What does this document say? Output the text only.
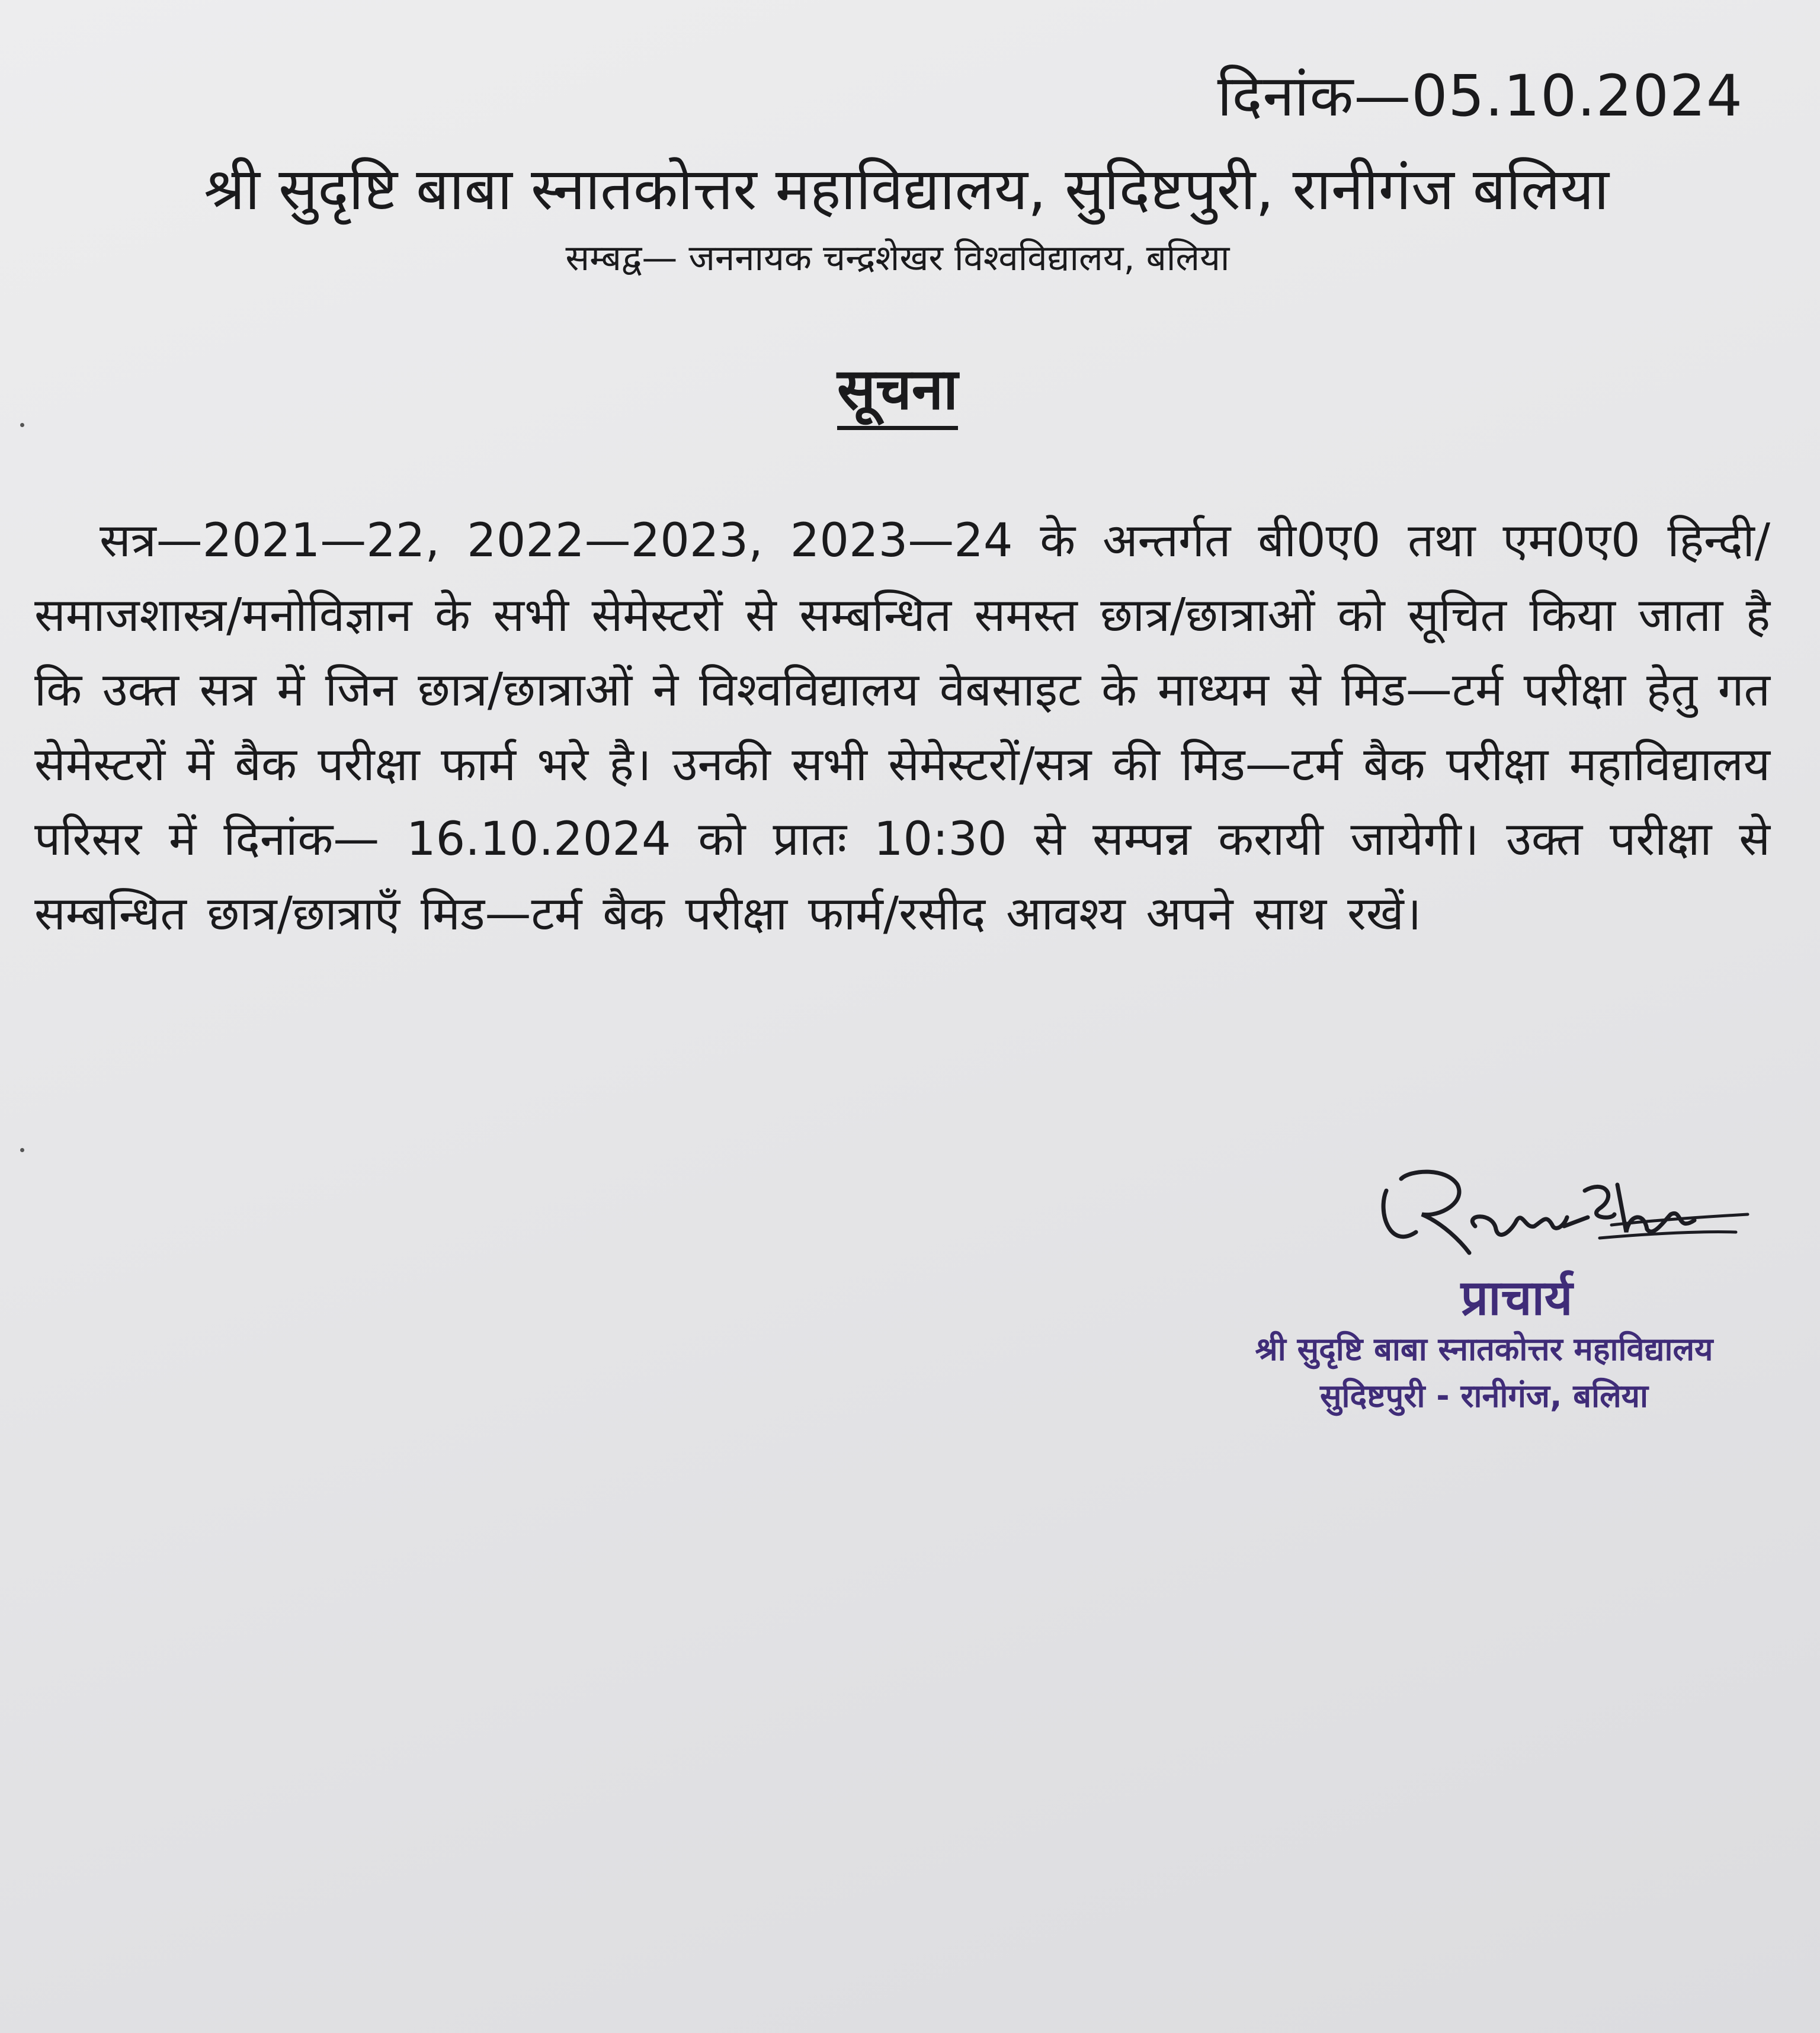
दिनांक—05.10.2024
श्री सुदृष्टि बाबा स्नातकोत्तर महाविद्यालय, सुदिष्टपुरी, रानीगंज बलिया
सम्बद्व— जननायक चन्द्रशेखर विश्वविद्यालय, बलिया
सूचना

सत्र—2021—22, 2022—2023, 2023—24 के अन्तर्गत बी0ए0 तथा एम0ए0 हिन्दी/समाजशास्त्र/मनोविज्ञान के सभी सेमेस्टरों से सम्बन्धित समस्त छात्र/छात्राओं को सूचित किया जाता है कि उक्त सत्र में जिन छात्र/छात्राओं ने विश्वविद्यालय वेबसाइट के माध्यम से मिड—टर्म परीक्षा हेतु गत सेमेस्टरों में बैक परीक्षा फार्म भरे है। उनकी सभी सेमेस्टरों/सत्र की मिड—टर्म बैक परीक्षा महाविद्यालय परिसर में दिनांक— 16.10.2024 को प्रातः 10:30 से सम्पन्न करायी जायेगी। उक्त परीक्षा से सम्बन्धित छात्र/छात्राएँ मिड—टर्म बैक परीक्षा फार्म/रसीद आवश्य अपने साथ रखें।

प्राचार्य
श्री सुदृष्टि बाबा स्नातकोत्तर महाविद्यालय
सुदिष्टपुरी - रानीगंज, बलिया
